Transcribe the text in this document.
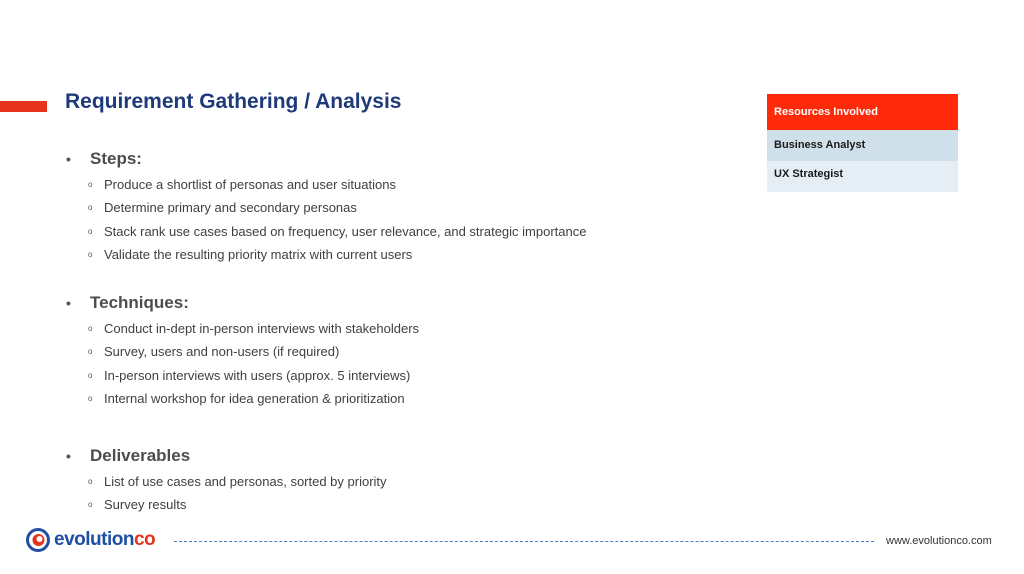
Requirement Gathering / Analysis
•	Steps:
o Produce a shortlist of personas and user situations
o Determine primary and secondary personas
o Stack rank use cases based on frequency, user relevance, and strategic importance
o Validate the resulting priority matrix with current users
•	Techniques:
o Conduct in-dept in-person interviews with stakeholders
o Survey, users and non-users (if required)
o In-person interviews with users (approx. 5 interviews)
o Internal workshop for idea generation & prioritization
•	Deliverables
o List of use cases and personas, sorted by priority
o Survey results
Resources Involved
Business Analyst
UX Strategist
evolutionco	www.evolutionco.com
